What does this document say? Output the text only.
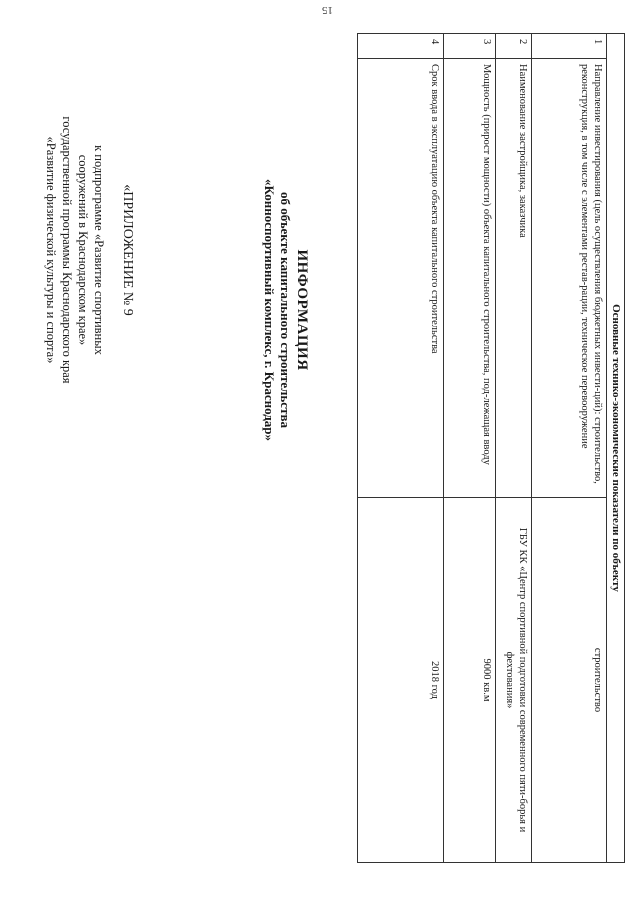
15
«ПРИЛОЖЕНИЕ № 9
к подпрограмме «Развитие спортивных
сооружений в Краснодарском крае»
государственной программы Краснодарского края
«Развитие физической культуры и спорта»	ИНФОРМАЦИЯ
об объекте капитального строительства
«Конноспортивный комплекс, г. Краснодар»	Основные технико-экономические показатели по объекту		
1	Направление инвестирования (цель осуществления бюджетных инвести-ций): строительство, реконструкция, в том числе с элементами рестав-рации, техническое перевооружение	строительство
2	Наименование застройщика, заказчика	ГБУ КК «Центр спортивной подготовки современного пяти-борья и фехтования»
3	Мощность (прирост мощности) объекта капитального строительства, под-лежащая вводу	9000 кв.м
4	Срок ввода в эксплуатацию объекта капитального строительства	2018 год
